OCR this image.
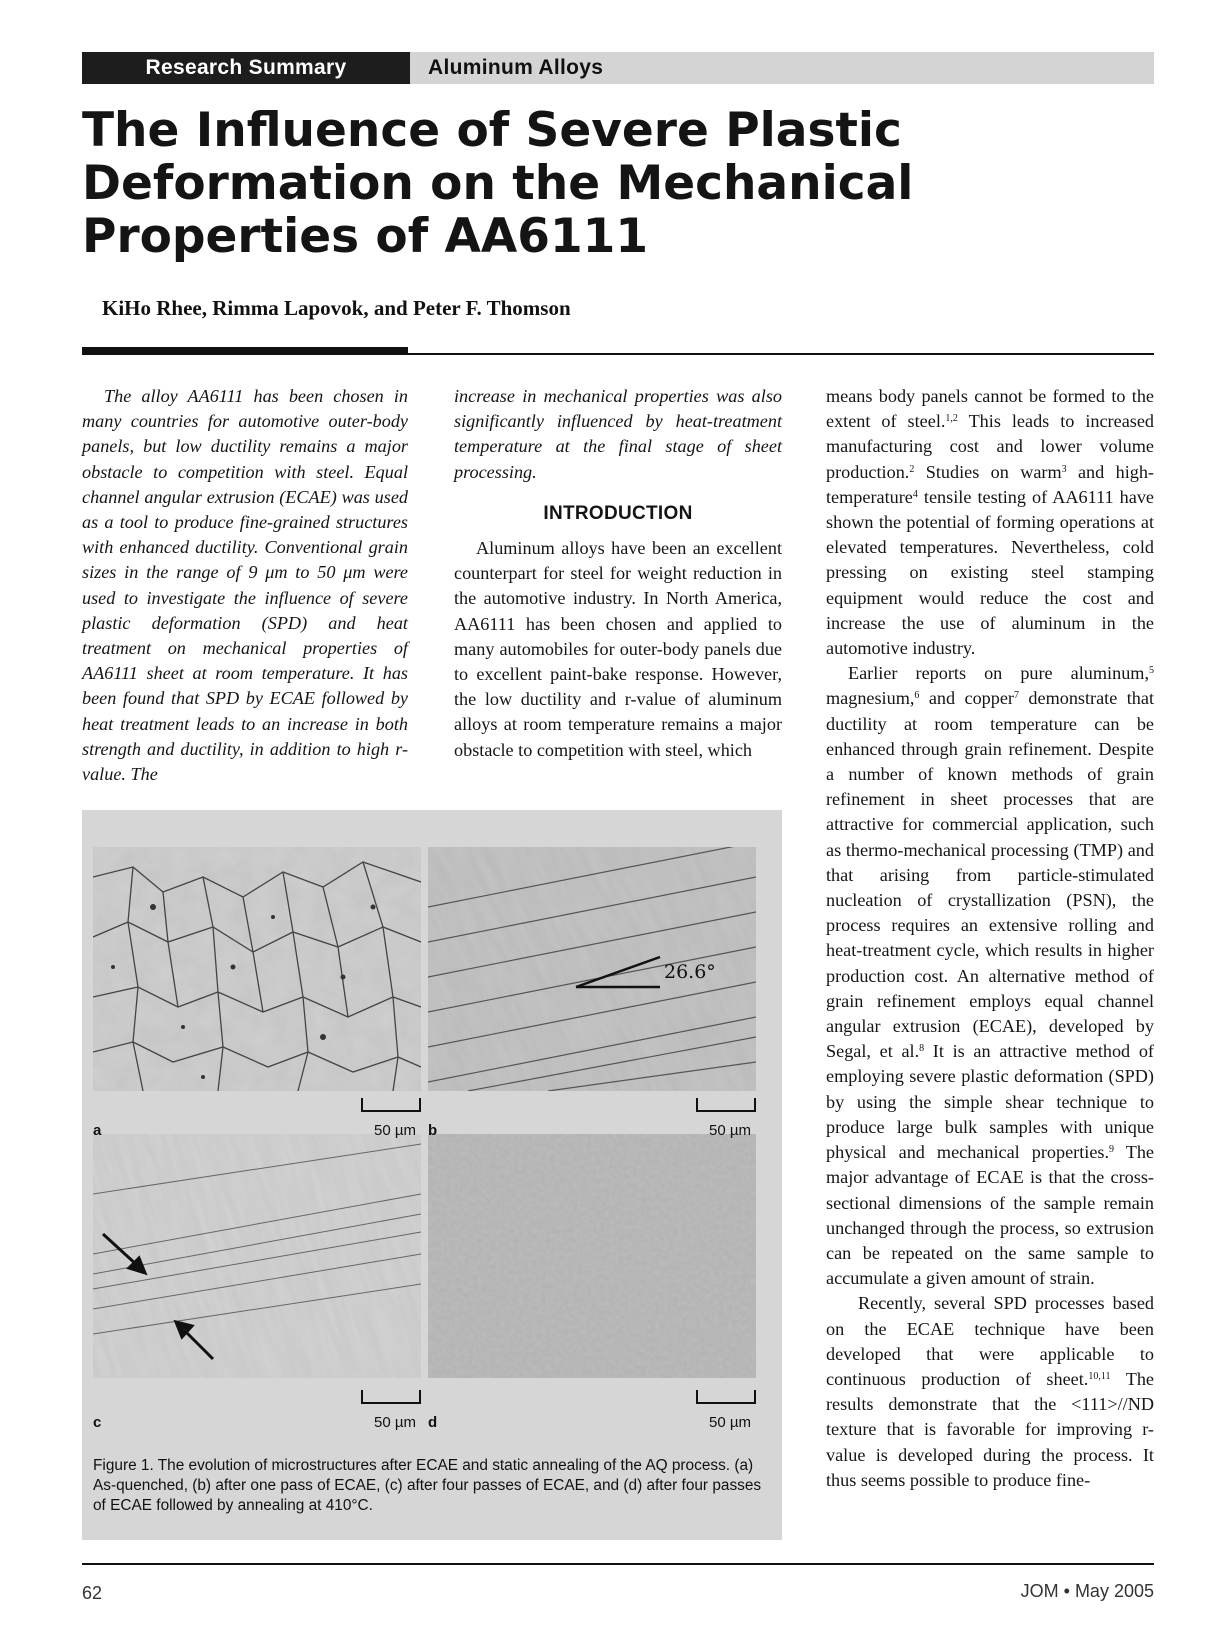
Research Summary	Aluminum Alloys
The Influence of Severe Plastic Deformation on the Mechanical Properties of AA6111
KiHo Rhee, Rimma Lapovok, and Peter F. Thomson

The alloy AA6111 has been chosen in many countries for automotive outer-body panels, but low ductility remains a major obstacle to competition with steel. Equal channel angular extrusion (ECAE) was used as a tool to produce fine-grained structures with enhanced ductility. Conventional grain sizes in the range of 9 μm to 50 μm were used to investigate the influence of severe plastic deformation (SPD) and heat treatment on mechanical properties of AA6111 sheet at room temperature. It has been found that SPD by ECAE followed by heat treatment leads to an increase in both strength and ductility, in addition to high r-value. The

increase in mechanical properties was also significantly influenced by heat-treatment temperature at the final stage of sheet processing.

INTRODUCTION

Aluminum alloys have been an excellent counterpart for steel for weight reduction in the automotive industry. In North America, AA6111 has been chosen and applied to many automobiles for outer-body panels due to excellent paint-bake response. However, the low ductility and r-value of aluminum alloys at room temperature remains a major obstacle to competition with steel, which

means body panels cannot be formed to the extent of steel.$^{1,2}$ This leads to increased manufacturing cost and lower volume production.$^2$ Studies on warm$^3$ and high-temperature$^4$ tensile testing of AA6111 have shown the potential of forming operations at elevated temperatures. Nevertheless, cold pressing on existing steel stamping equipment would reduce the cost and increase the use of aluminum in the automotive industry.

Earlier reports on pure aluminum,$^5$ magnesium,$^6$ and copper$^7$ demonstrate that ductility at room temperature can be enhanced through grain refinement. Despite a number of known methods of grain refinement in sheet processes that are attractive for commercial application, such as thermo-mechanical processing (TMP) and that arising from particle-stimulated nucleation of crystallization (PSN), the process requires an extensive rolling and heat-treatment cycle, which results in higher production cost. An alternative method of grain refinement employs equal channel angular extrusion (ECAE), developed by Segal, et al.$^8$ It is an attractive method of employing severe plastic deformation (SPD) by using the simple shear technique to produce large bulk samples with unique physical and mechanical properties.$^9$ The major advantage of ECAE is that the cross-sectional dimensions of the sample remain unchanged through the process, so extrusion can be repeated on the same sample to accumulate a given amount of strain.

Recently, several SPD processes based on the ECAE technique have been developed that were applicable to continuous production of sheet.$^{10,11}$ The results demonstrate that the <111>//ND texture that is favorable for improving r-value is developed during the process. It thus seems possible to produce fine-

26.6°
a	50 µm b	50 µm
c	50 µm d	50 µm
Figure 1. The evolution of microstructures after ECAE and static annealing of the AQ process. (a) As-quenched, (b) after one pass of ECAE, (c) after four passes of ECAE, and (d) after four passes of ECAE followed by annealing at 410°C.
62	JOM • May 2005
